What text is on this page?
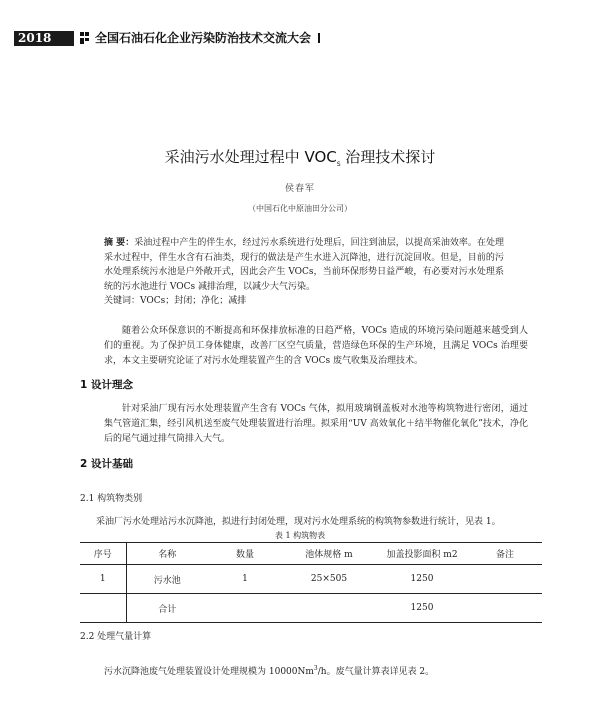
2018	全国石油石化企业污染防治技术交流大会
采油污水处理过程中 $VOC_S$ 治理技术探讨
侯春军
（中国石化中原油田分公司）
摘 要：采油过程中产生的伴生水，经过污水系统进行处理后，回注到油层，以提高采油效率。在处理采水过程中，伴生水含有石油类，现行的做法是产生水进入沉降池，进行沉淀回收。但是，目前的污水处理系统污水池是户外敞开式，因此会产生 VOCs，当前环保形势日益严峻，有必要对污水处理系统的污水池进行 VOCs 减排治理，以减少大气污染。
关键词：VOCs；封闭；净化；减排
随着公众环保意识的不断提高和环保排放标准的日趋严格，VOCs 造成的环境污染问题越来越受到人们的重视。为了保护员工身体健康，改善厂区空气质量，营造绿色环保的生产环境，且满足 VOCs 治理要求，本文主要研究论证了对污水处理装置产生的含 VOCs 废气收集及治理技术。
1 设计理念
针对采油厂现有污水处理装置产生含有 VOCs 气体，拟用玻璃钢盖板对水池等构筑物进行密闭，通过集气管道汇集，经引风机送至废气处理装置进行治理。拟采用“UV 高效氧化＋结半物催化氧化”技术，净化后的尾气通过排气筒排入大气。
2 设计基础
2.1 构筑物类别
采油厂污水处理站污水沉降池，拟进行封闭处理，现对污水处理系统的构筑物参数进行统计，见表 1。
表 1 构筑物表
序号	名称	数量	池体规格 m	加盖投影面积 m2	备注
1	污水池	1	25×505	1250	
	合计			1250	
2.2 处理气量计算
污水沉降池废气处理装置设计处理规模为 10000Nm$^3$/h。废气量计算表详见表 2。
